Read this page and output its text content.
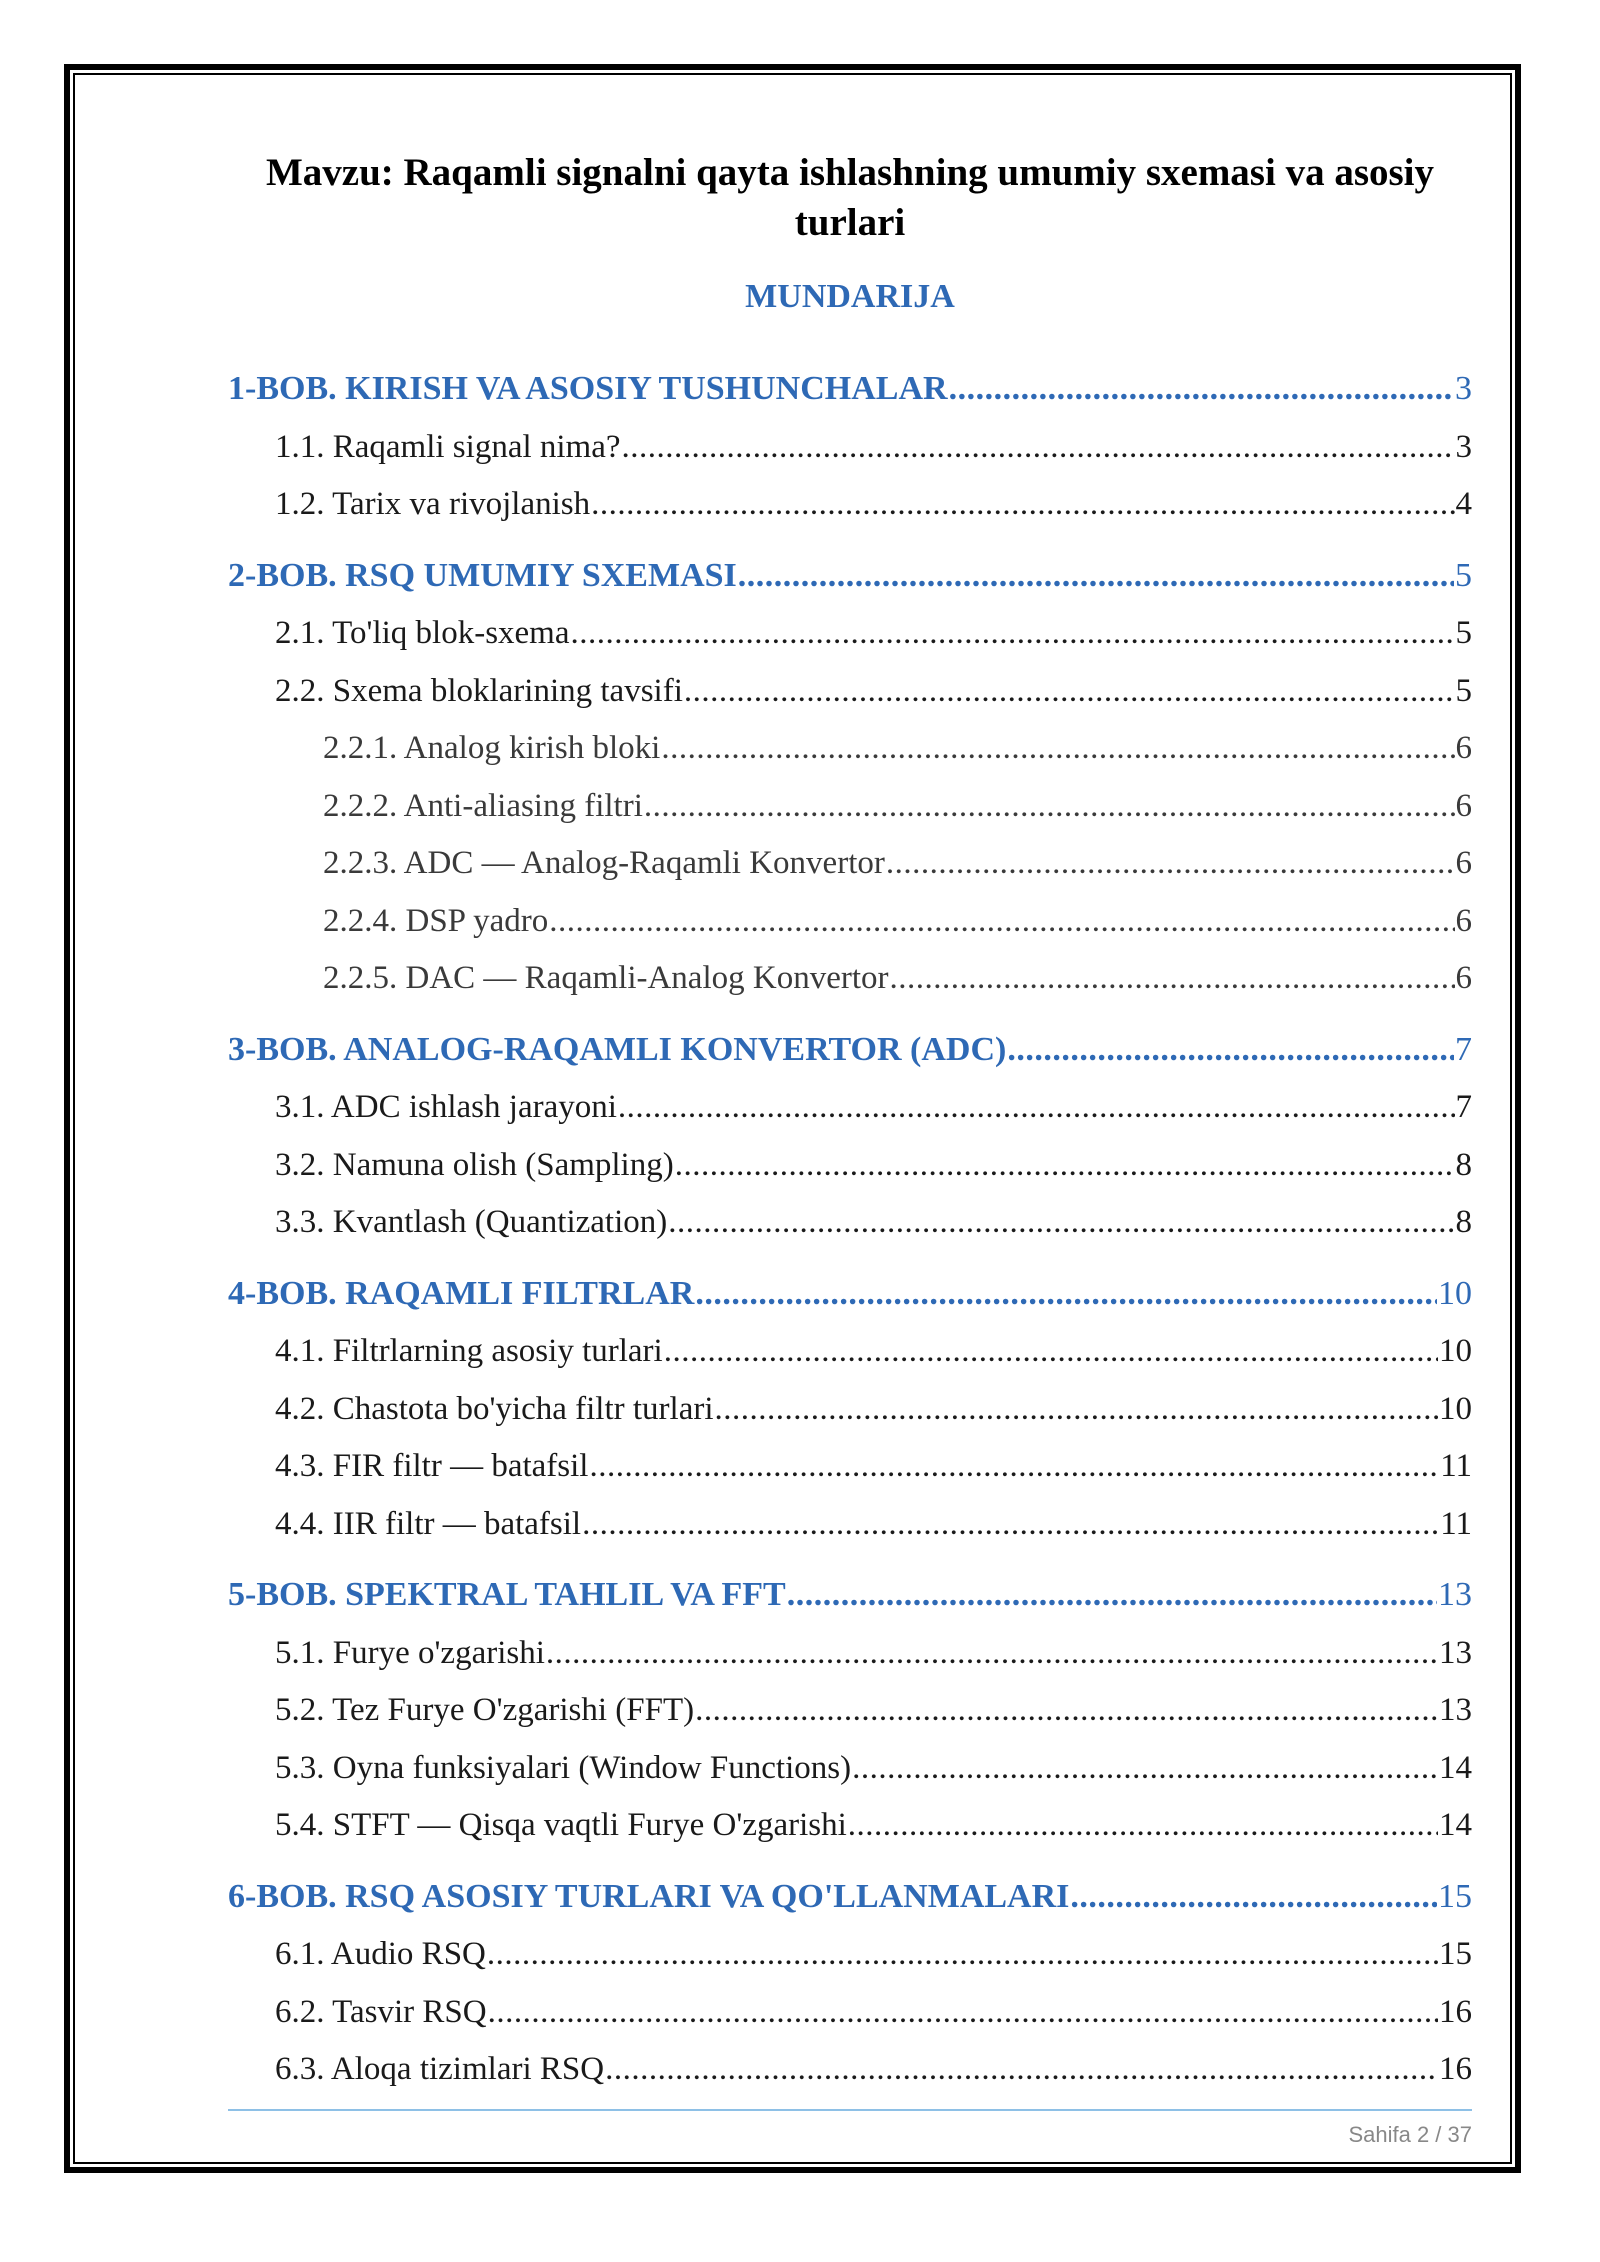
Mavzu: Raqamli signalni qayta ishlashning umumiy sxemasi va asosiy turlari
MUNDARIJA
1-BOB. KIRISH VA ASOSIY TUSHUNCHALAR .....	3
1.1. Raqamli signal nima? .....	3
1.2. Tarix va rivojlanish .....	4
2-BOB. RSQ UMUMIY SXEMASI .....	5
2.1. To'liq blok-sxema .....	5
2.2. Sxema bloklarining tavsifi .....	5
2.2.1. Analog kirish bloki .....	6
2.2.2. Anti-aliasing filtri .....	6
2.2.3. ADC — Analog-Raqamli Konvertor .....	6
2.2.4. DSP yadro .....	6
2.2.5. DAC — Raqamli-Analog Konvertor .....	6
3-BOB. ANALOG-RAQAMLI KONVERTOR (ADC) .....	7
3.1. ADC ishlash jarayoni .....	7
3.2. Namuna olish (Sampling) .....	8
3.3. Kvantlash (Quantization) .....	8
4-BOB. RAQAMLI FILTRLAR .....	10
4.1. Filtrlarning asosiy turlari .....	10
4.2. Chastota bo'yicha filtr turlari .....	10
4.3. FIR filtr — batafsil .....	11
4.4. IIR filtr — batafsil .....	11
5-BOB. SPEKTRAL TAHLIL VA FFT .....	13
5.1. Furye o'zgarishi .....	13
5.2. Tez Furye O'zgarishi (FFT) .....	13
5.3. Oyna funksiyalari (Window Functions) .....	14
5.4. STFT — Qisqa vaqtli Furye O'zgarishi .....	14
6-BOB. RSQ ASOSIY TURLARI VA QO'LLANMALARI .....	15
6.1. Audio RSQ .....	15
6.2. Tasvir RSQ .....	16
6.3. Aloqa tizimlari RSQ .....	16
Sahifa 2 / 37
